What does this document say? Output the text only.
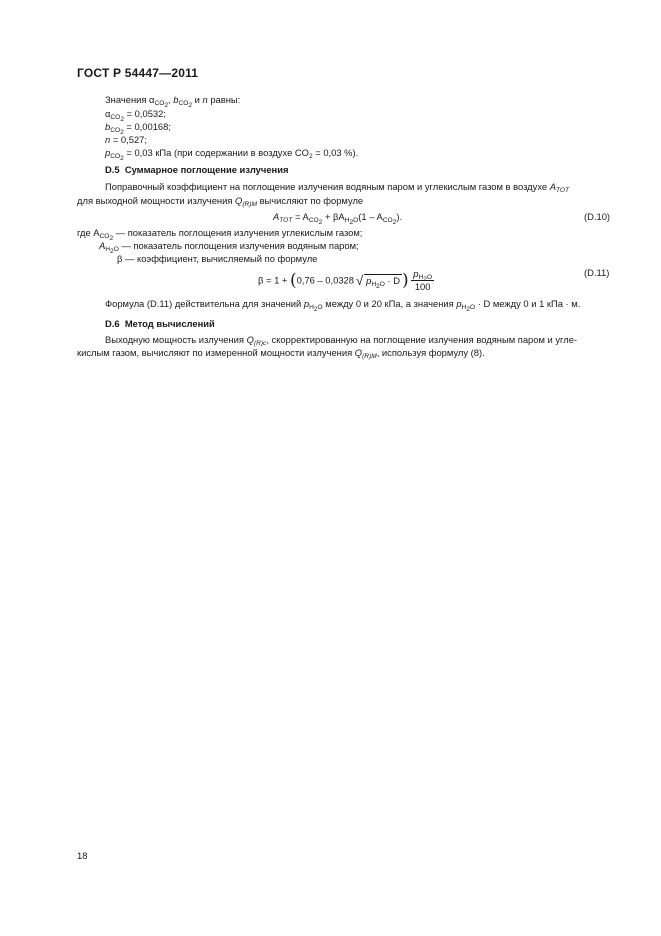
ГОСТ Р 54447—2011
Значения $\alpha_{CO_2}$, $b_{CO_2}$ и n равны:
$\alpha_{CO_2} = 0,0532$;
$b_{CO_2} = 0,00168$;
n = 0,527;
$p_{CO_2} = 0,03$ кПа (при содержании в воздухе $CO_2 = 0,03$ %).
D.5 Суммарное поглощение излучения
Поправочный коэффициент на поглощение излучения водяным паром и углекислым газом в воздухе $A_{TOT}$
для выходной мощности излучения $Q_{(R)M}$ вычисляют по формуле
$A_{TOT} = A_{CO_2} + \beta A_{H_2O}(1 - A_{CO_2})$.	(D.10)
где $A_{CO_2}$ — показатель поглощения излучения углекислым газом;
$A_{H_2O}$ — показатель поглощения излучения водяным паром;
β — коэффициент, вычисляемый по формуле
β = 1 + (0,76 – 0,0328 √ $p_{H_2O} \cdot D$ ) $\frac{p_{H_2O}}{100}$	(D.11)
Формула (D.11) действительна для значений $p_{H_2O}$ между 0 и 20 кПа, а значения $p_{H_2O} \cdot D$ между 0 и 1 кПа · м.
D.6 Метод вычислений
Выходную мощность излучения $Q_{(R)c}$, скорректированную на поглощение излучения водяным паром и угле-
кислым газом, вычисляют по измеренной мощности излучения $Q_{(R)M}$, используя формулу (8).
18
